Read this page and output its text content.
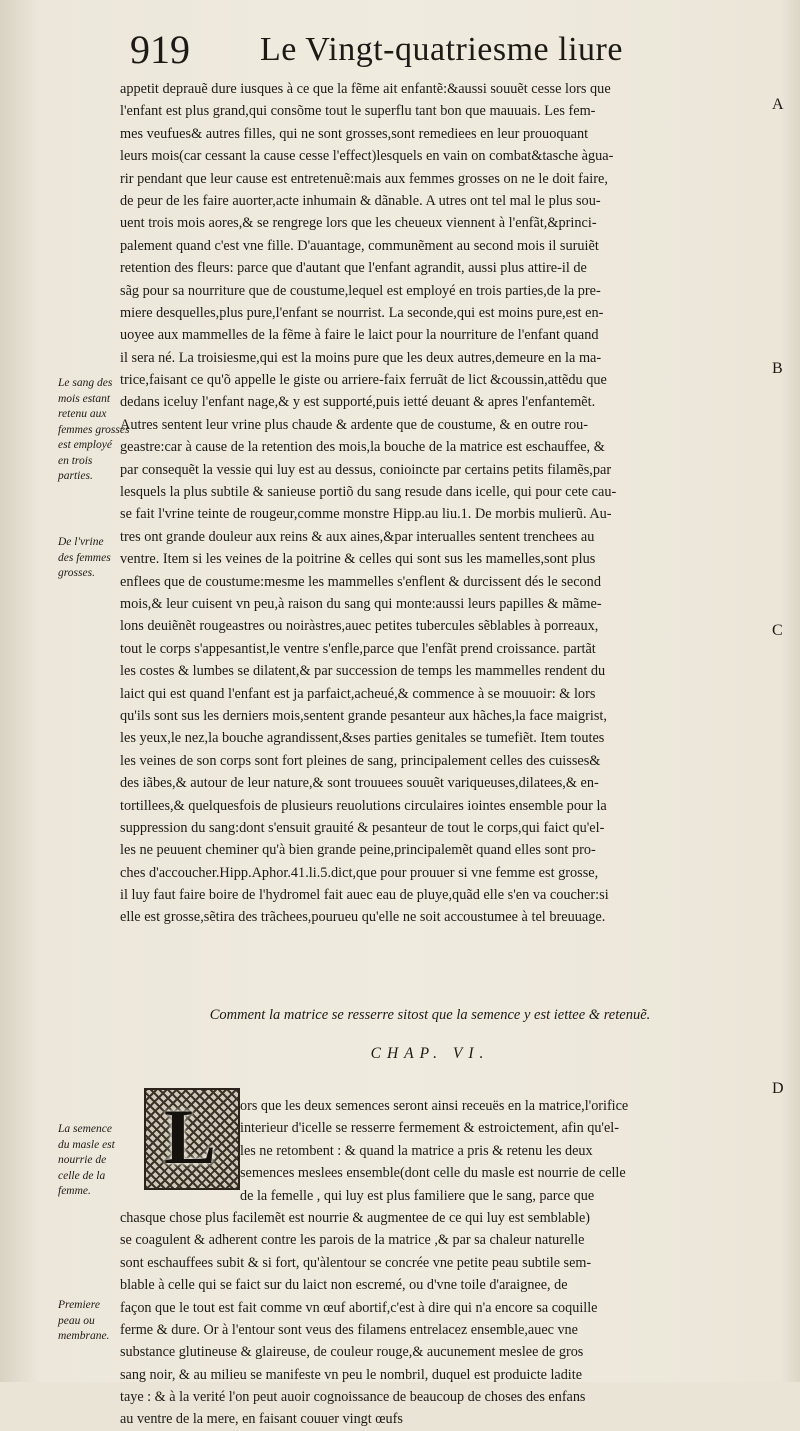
919 Le Vingt-quatriesme liure
appetit deprauẽ dure iusques à ce que la fẽme ait enfantẽ:&aussi souuẽt cesse lors que
l'enfant est plus grand,qui consõme tout le superflu tant bon que mauuais. Les fem-
mes veufues& autres filles, qui ne sont grosses,sont remediees en leur prouoquant
leurs mois(car cessant la cause cesse l'effect)lesquels en vain on combat&tasche àgua-
rir pendant que leur cause est entretenuẽ:mais aux femmes grosses on ne le doit faire,
de peur de les faire auorter,acte inhumain & dãnable. A utres ont tel mal le plus sou-
uent trois mois aores,& se rengrege lors que les cheueux viennent à l'enfãt,&princi-
palement quand c'est vne fille. D'auantage, communẽment au second mois il suruiẽt
retention des fleurs: parce que d'autant que l'enfant agrandit, aussi plus attire-il de
sãg pour sa nourriture que de coustume,lequel est employé en trois parties,de la pre-
miere desquelles,plus pure,l'enfant se nourrist. La seconde,qui est moins pure,est en-
uoyee aux mammelles de la fẽme à faire le laict pour la nourriture de l'enfant quand
il sera né. La troisiesme,qui est la moins pure que les deux autres,demeure en la ma-
trice,faisant ce qu'õ appelle le giste ou arriere-faix ferruãt de lict &coussin,attẽdu que
dedans iceluy l'enfant nage,& y est supporté,puis ietté deuant & apres l'enfantemẽt.
Autres sentent leur vrine plus chaude & ardente que de coustume, & en outre rou-
geastre:car à cause de la retention des mois,la bouche de la matrice est eschauffee, &
par consequẽt la vessie qui luy est au dessus, conioincte par certains petits filamẽs,par
lesquels la plus subtile & sanieuse portiõ du sang resude dans icelle, qui pour cete cau-
se fait l'vrine teinte de rougeur,comme monstre Hipp.au liu.1. De morbis mulierũ. Au-
tres ont grande douleur aux reins & aux aines,&par interualles sentent trenchees au
ventre. Item si les veines de la poitrine & celles qui sont sus les mamelles,sont plus
enflees que de coustume:mesme les mammelles s'enflent & durcissent dés le second
mois,& leur cuisent vn peu,à raison du sang qui monte:aussi leurs papilles & mãme-
lons deuiẽnẽt rougeastres ou noiràstres,auec petites tubercules sẽblables à porreaux,
tout le corps s'appesantist,le ventre s'enfle,parce que l'enfãt prend croissance. partãt
les costes & lumbes se dilatent,& par succession de temps les mammelles rendent du
laict qui est quand l'enfant est ja parfaict,acheué,& commence à se mouuoir: & lors
qu'ils sont sus les derniers mois,sentent grande pesanteur aux hãches,la face maigrist,
les yeux,le nez,la bouche agrandissent,&ses parties genitales se tumefiẽt. Item toutes
les veines de son corps sont fort pleines de sang, principalement celles des cuisses&
des iãbes,& autour de leur nature,& sont trouuees souuẽt variqueuses,dilatees,& en-
tortillees,& quelquesfois de plusieurs reuolutions circulaires iointes ensemble pour la
suppression du sang:dont s'ensuit grauité & pesanteur de tout le corps,qui faict qu'el-
les ne peuuent cheminer qu'à bien grande peine,principalemẽt quand elles sont pro-
ches d'accoucher.Hipp.Aphor.41.li.5.dict,que pour prouuer si vne femme est grosse,
il luy faut faire boire de l'hydromel fait auec eau de pluye,quãd elle s'en va coucher:si
elle est grosse,sẽtira des trãchees,pourueu qu'elle ne soit accoustumee à tel breuuage.
Comment la matrice se resserre sitost que la semence y est iettee & retenuẽ.
CHAP. VI.
L	ors que les deux semences seront ainsi receuës en la matrice,l'orifice
interieur d'icelle se resserre fermement & estroictement, afin qu'el-
les ne retombent : & quand la matrice a pris & retenu les deux
semences meslees ensemble(dont celle du masle est nourrie de celle
de la femelle , qui luy est plus familiere que le sang, parce que
chasque chose plus facilemẽt est nourrie & augmentee de ce qui luy est semblable)
se coagulent & adherent contre les parois de la matrice ,& par sa chaleur naturelle
sont eschauffees subit & si fort, qu'àlentour se concrée vne petite peau subtile sem-
blable à celle qui se faict sur du laict non escremé, ou d'vne toile d'araignee, de
façon que le tout est fait comme vn œuf abortif,c'est à dire qui n'a encore sa coquille
ferme & dure. Or à l'entour sont veus des filamens entrelacez ensemble,auec vne
substance glutineuse & glaireuse, de couleur rouge,& aucunement meslee de gros
sang noir, & au milieu se manifeste vn peu le nombril, duquel est produicte ladite
taye : & à la verité l'on peut auoir cognoissance de beaucoup de choses des enfans
au ventre de la mere, en faisant couuer vingt œufs
Le sang des
mois estant
retenu aux
femmes grosses
est employé
en trois
parties.
De l'vrine
des femmes
grosses.
La semence
du masle est
nourrie de
celle de la
femme.
Premiere
peau ou
membrane.
A
B
C
D
